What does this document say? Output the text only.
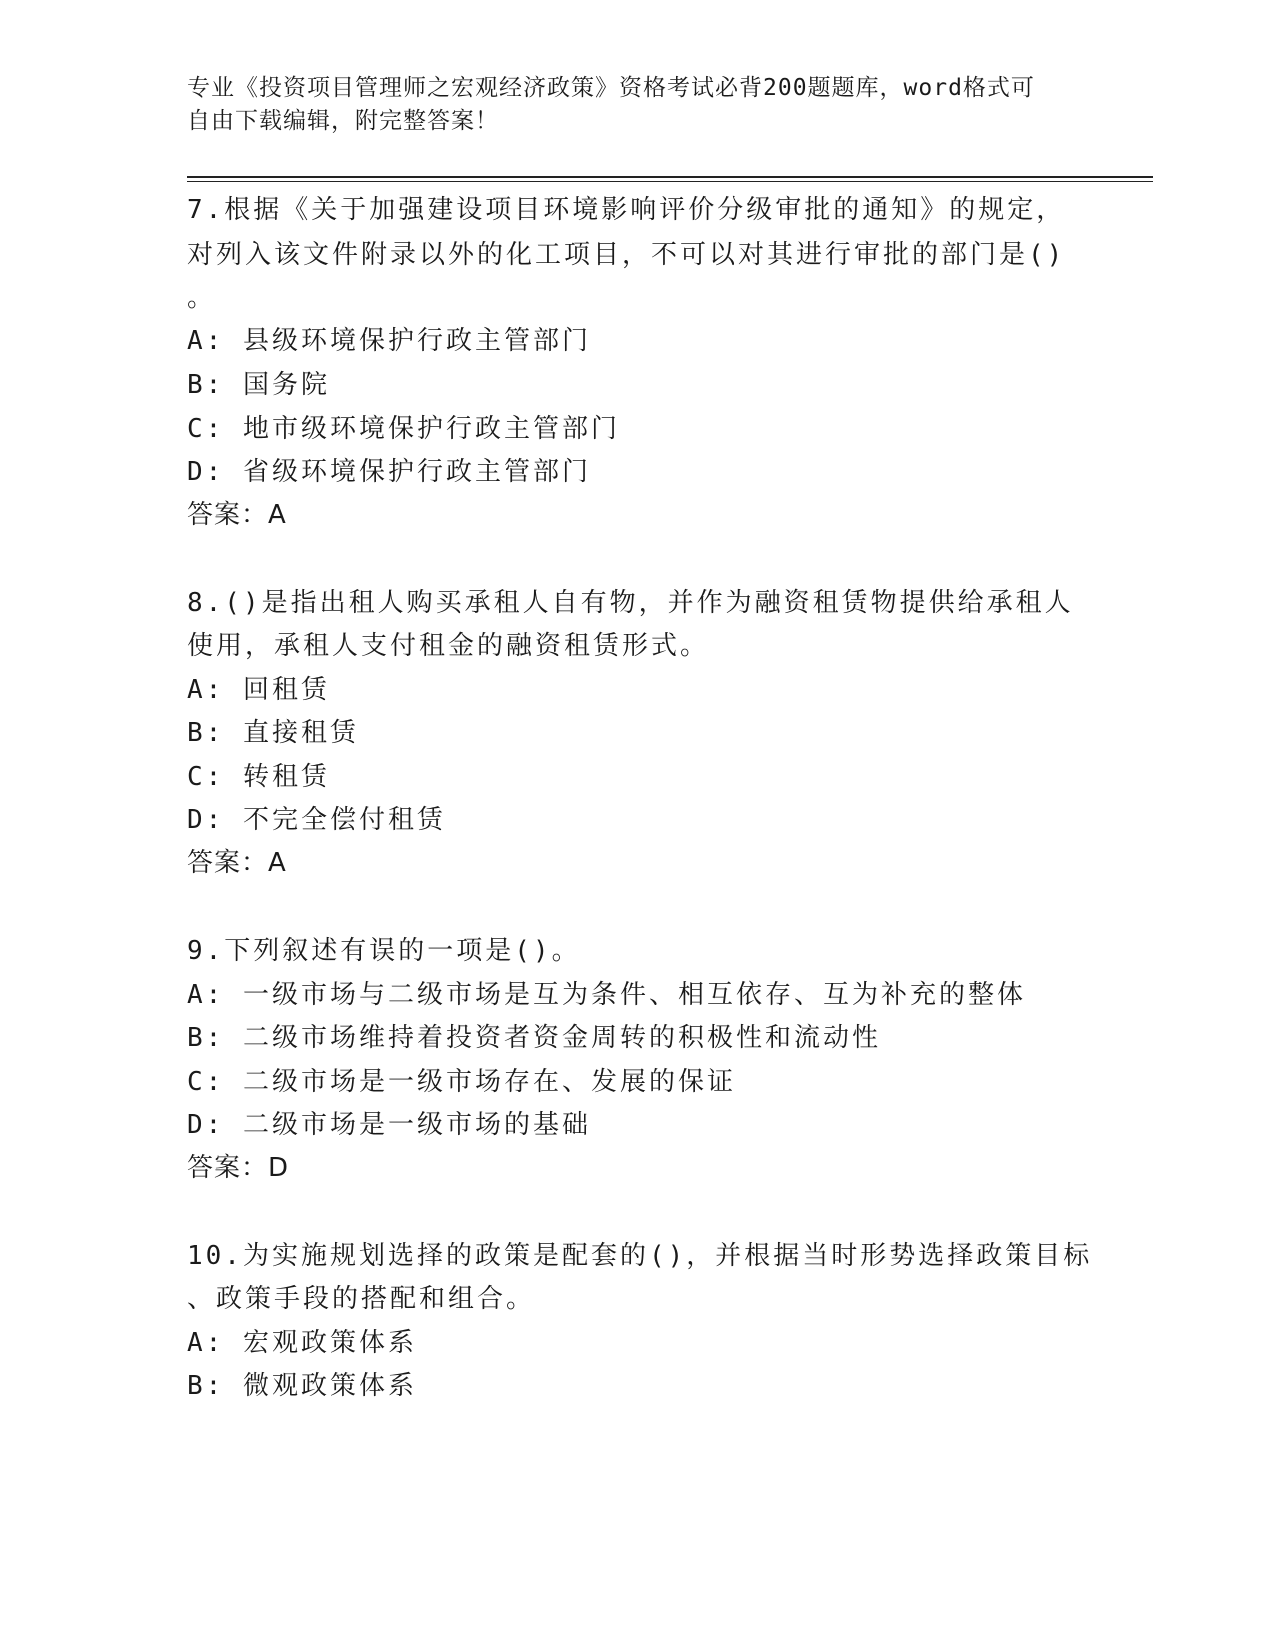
专业《投资项目管理师之宏观经济政策》资格考试必背200题题库，word格式可
自由下载编辑，附完整答案！
7.根据《关于加强建设项目环境影响评价分级审批的通知》的规定，
对列入该文件附录以外的化工项目，不可以对其进行审批的部门是()
。
A: 县级环境保护行政主管部门
B: 国务院
C: 地市级环境保护行政主管部门
D: 省级环境保护行政主管部门
答案：A
8.()是指出租人购买承租人自有物，并作为融资租赁物提供给承租人
使用，承租人支付租金的融资租赁形式。
A: 回租赁
B: 直接租赁
C: 转租赁
D: 不完全偿付租赁
答案：A
9.下列叙述有误的一项是()。
A: 一级市场与二级市场是互为条件、相互依存、互为补充的整体
B: 二级市场维持着投资者资金周转的积极性和流动性
C: 二级市场是一级市场存在、发展的保证
D: 二级市场是一级市场的基础
答案：D
10.为实施规划选择的政策是配套的()，并根据当时形势选择政策目标
、政策手段的搭配和组合。
A: 宏观政策体系
B: 微观政策体系
